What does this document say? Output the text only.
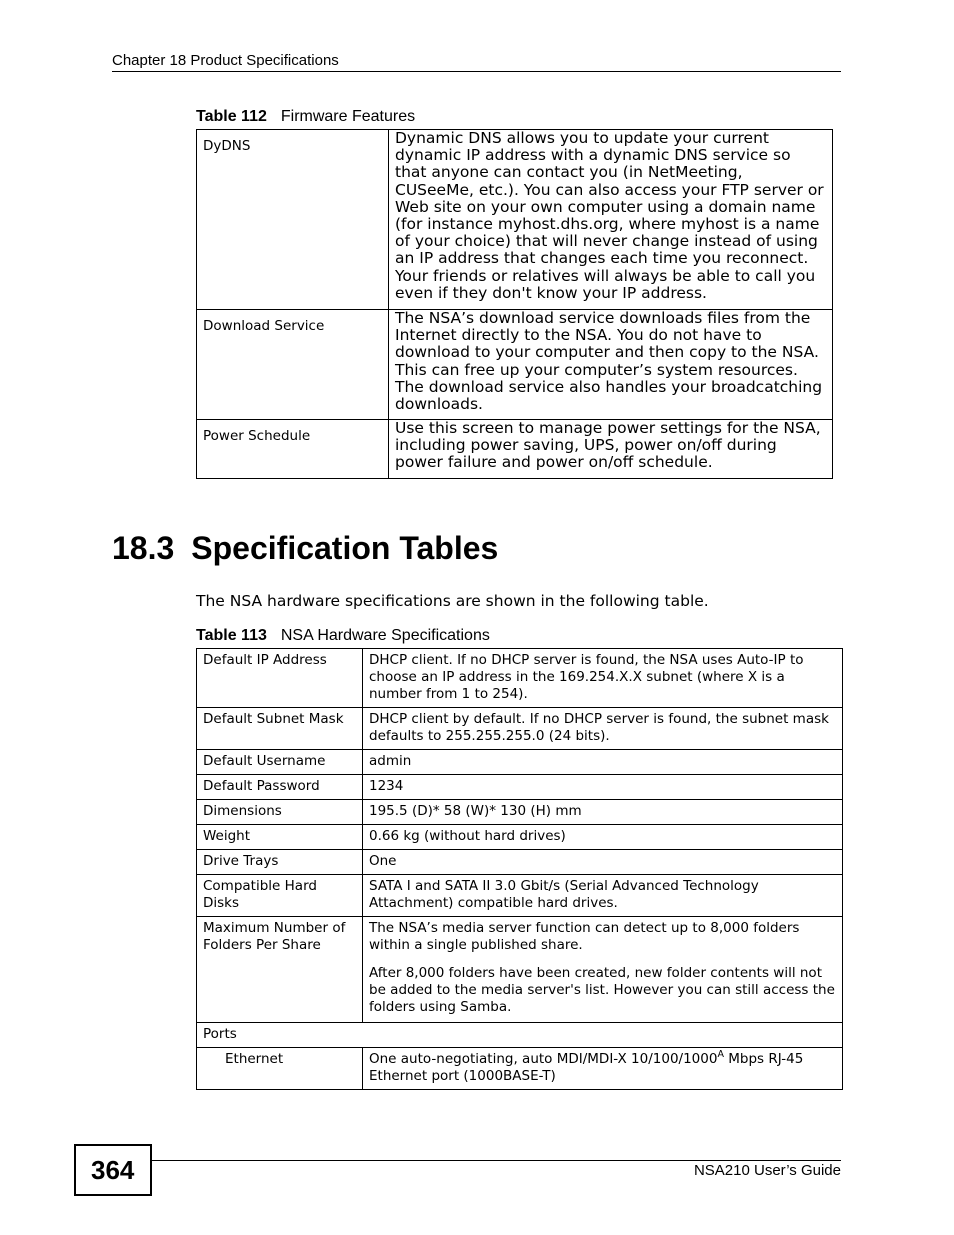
Chapter 18 Product Specifications
Table 112 Firmware Features
DyDNS	Dynamic DNS allows you to update your current dynamic IP address with a dynamic DNS service so that anyone can contact you (in NetMeeting, CUSeeMe, etc.). You can also access your FTP server or Web site on your own computer using a domain name (for instance myhost.dhs.org, where myhost is a name of your choice) that will never change instead of using an IP address that changes each time you reconnect. Your friends or relatives will always be able to call you even if they don't know your IP address.
Download Service	The NSA’s download service downloads files from the Internet directly to the NSA. You do not have to download to your computer and then copy to the NSA. This can free up your computer’s system resources. The download service also handles your broadcatching downloads.
Power Schedule	Use this screen to manage power settings for the NSA, including power saving, UPS, power on/off during power failure and power on/off schedule.
18.3 Specification Tables
The NSA hardware specifications are shown in the following table.
Table 113 NSA Hardware Specifications
Default IP Address	DHCP client. If no DHCP server is found, the NSA uses Auto-IP to choose an IP address in the 169.254.X.X subnet (where X is a number from 1 to 254).
Default Subnet Mask	DHCP client by default. If no DHCP server is found, the subnet mask defaults to 255.255.255.0 (24 bits).
Default Username	admin
Default Password	1234
Dimensions	195.5 (D)* 58 (W)* 130 (H) mm
Weight	0.66 kg (without hard drives)
Drive Trays	One
Compatible Hard Disks	SATA I and SATA II 3.0 Gbit/s (Serial Advanced Technology Attachment) compatible hard drives.
Maximum Number of Folders Per Share	The NSA’s media server function can detect up to 8,000 folders within a single published share.

After 8,000 folders have been created, new folder contents will not be added to the media server's list. However you can still access the folders using Samba.

Ports	
Ethernet	One auto-negotiating, auto MDI/MDI-X $10/100/1000^A$ Mbps RJ-45 Ethernet port (1000BASE-T)
364	NSA210 User’s Guide
